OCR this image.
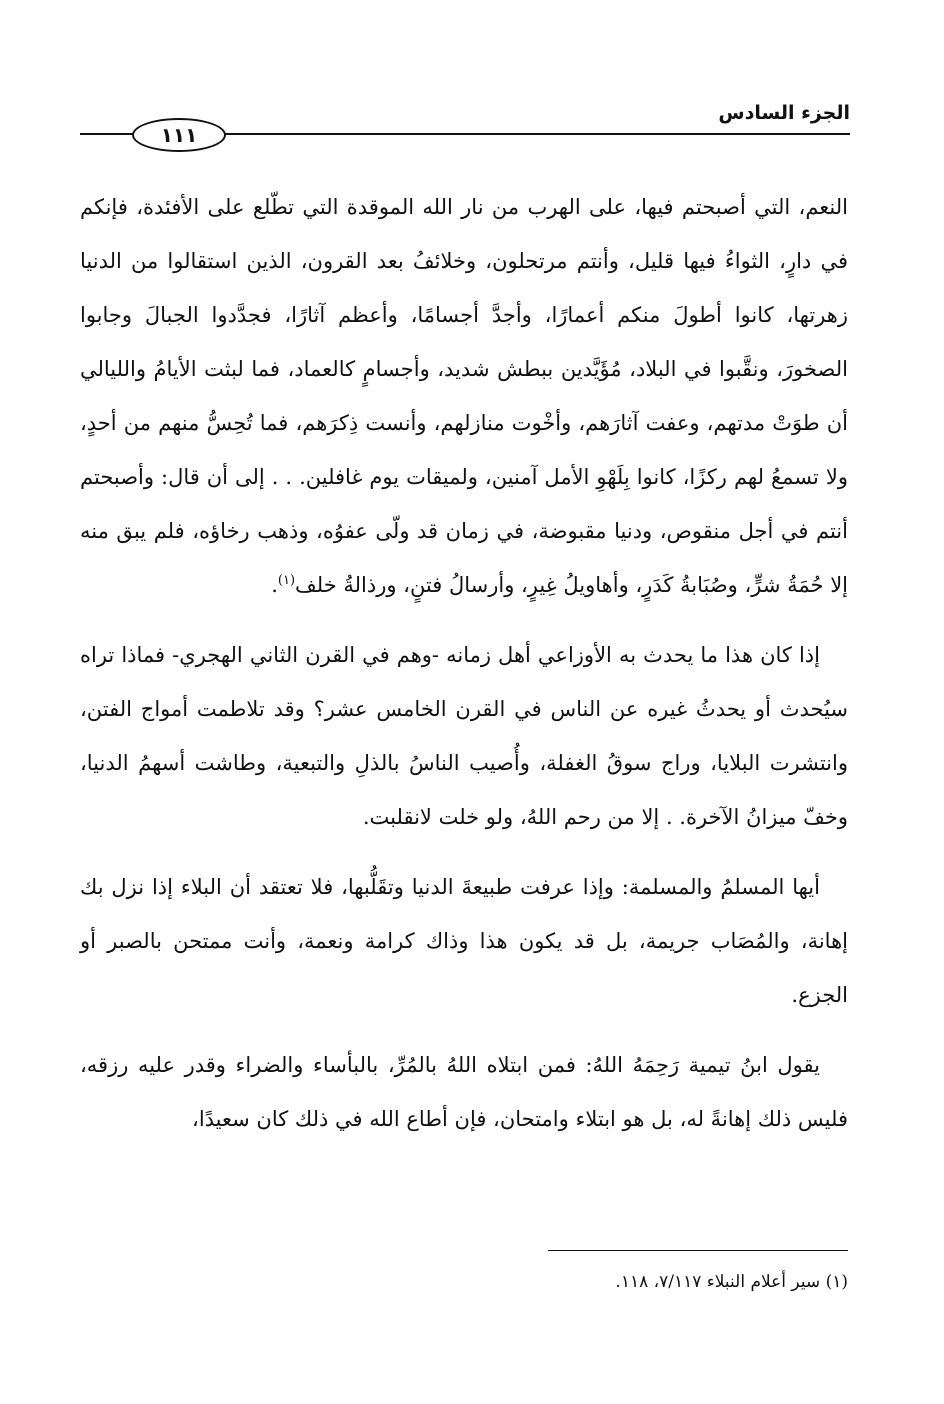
١١١
الجزء السادس

النعم، التي أصبحتم فيها، على الهرب من نار الله الموقدة التي تطّلع على الأفئدة، فإنكم في دارٍ، الثواءُ فيها قليل، وأنتم مرتحلون، وخلائفُ بعد القرون، الذين استقالوا من الدنيا زهرتها، كانوا أطولَ منكم أعمارًا، وأجدَّ أجسامًا، وأعظم آثارًا، فجدَّدوا الجبالَ وجابوا الصخورَ، ونقَّبوا في البلاد، مُؤَيَّدين ببطش شديد، وأجسامٍ كالعماد، فما لبثت الأيامُ والليالي أن طوَتْ مدتهم، وعفت آثارَهم، وأخْوت منازلهم، وأنست ذِكرَهم، فما تُحِسُّ منهم من أحدٍ، ولا تسمعُ لهم ركزًا، كانوا بِلَهْوِ الأمل آمنين، ولميقات يوم غافلين. . . إلى أن قال: وأصبحتم أنتم في أجل منقوص، ودنيا مقبوضة، في زمان قد ولّى عفوُه، وذهب رخاؤه، فلم يبق منه إلا حُمَةُ شرٍّ، وصُبَابةُ كَدَرٍ، وأهاويلُ غِيرٍ، وأرسالُ فتنٍ، ورذالةُ خلف$^{(١)}$.

إذا كان هذا ما يحدث به الأوزاعي أهل زمانه -وهم في القرن الثاني الهجري- فماذا تراه سيُحدث أو يحدثُ غيره عن الناس في القرن الخامس عشر؟ وقد تلاطمت أمواج الفتن، وانتشرت البلايا، وراج سوقُ الغفلة، وأُصيب الناسُ بالذلِ والتبعية، وطاشت أسهمُ الدنيا، وخفّ ميزانُ الآخرة. . إلا من رحم اللهُ، ولو خلت لانقلبت.

أيها المسلمُ والمسلمة: وإذا عرفت طبيعةَ الدنيا وتقَلُّبها، فلا تعتقد أن البلاء إذا نزل بك إهانة، والمُصَاب جريمة، بل قد يكون هذا وذاك كرامة ونعمة، وأنت ممتحن بالصبر أو الجزع.

يقول ابنُ تيمية رَحِمَهُ اللهُ: فمن ابتلاه اللهُ بالمُرِّ، بالبأساء والضراء وقدر عليه رزقه، فليس ذلك إهانةً له، بل هو ابتلاء وامتحان، فإن أطاع الله في ذلك كان سعيدًا،

(١) سير أعلام النبلاء ٧/١١٧، ١١٨.
